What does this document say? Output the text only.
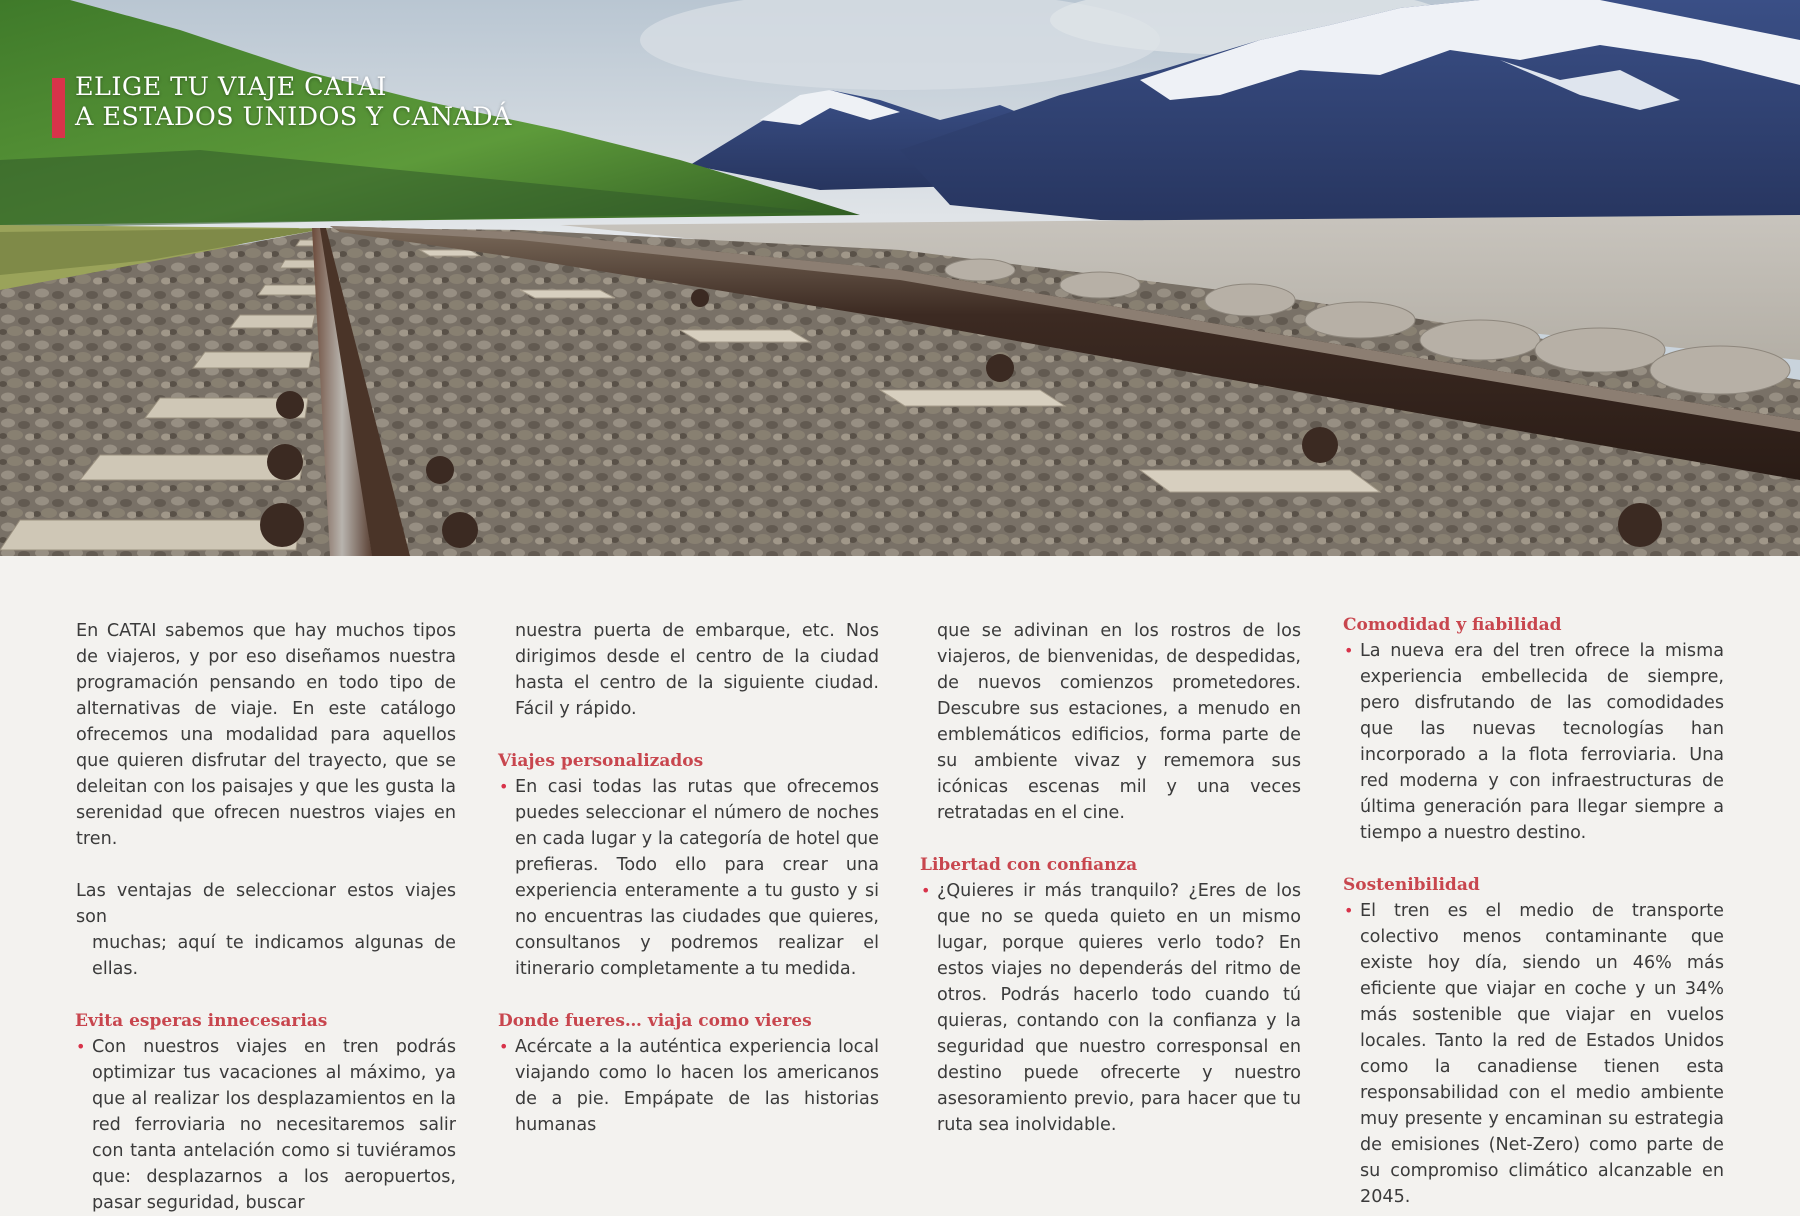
ELIGE TU VIAJE CATAI
A ESTADOS UNIDOS Y CANADÁ

En CATAI sabemos que hay muchos tipos de viajeros, y por eso diseñamos nuestra programación pensando en todo tipo de alternativas de viaje. En este catálogo ofrecemos una modalidad para aquellos que quieren disfrutar del trayecto, que se deleitan con los paisajes y que les gusta la serenidad que ofrecen nuestros viajes en tren.

Las ventajas de seleccionar estos viajes son

muchas; aquí te indicamos algunas de ellas.

Evita esperas innecesarias
• Con nuestros viajes en tren podrás optimizar tus vacaciones al máximo, ya que al realizar los desplazamientos en la red ferroviaria no necesitaremos salir con tanta antelación como si tuviéramos que: desplazarnos a los aeropuertos, pasar seguridad, buscar

nuestra puerta de embarque, etc. Nos dirigimos desde el centro de la ciudad hasta el centro de la siguiente ciudad. Fácil y rápido.

Viajes personalizados
• En casi todas las rutas que ofrecemos puedes seleccionar el número de noches en cada lugar y la categoría de hotel que prefieras. Todo ello para crear una experiencia enteramente a tu gusto y si no encuentras las ciudades que quieres, consultanos y podremos realizar el itinerario completamente a tu medida.
Donde fueres… viaja como vieres
• Acércate a la auténtica experiencia local viajando como lo hacen los americanos de a pie. Empápate de las historias humanas

que se adivinan en los rostros de los viajeros, de bienvenidas, de despedidas, de nuevos comienzos prometedores. Descubre sus estaciones, a menudo en emblemáticos edificios, forma parte de su ambiente vivaz y rememora sus icónicas escenas mil y una veces retratadas en el cine.

Libertad con confianza
• ¿Quieres ir más tranquilo? ¿Eres de los que no se queda quieto en un mismo lugar, porque quieres verlo todo? En estos viajes no dependerás del ritmo de otros. Podrás hacerlo todo cuando tú quieras, contando con la confianza y la seguridad que nuestro corresponsal en destino puede ofrecerte y nuestro asesoramiento previo, para hacer que tu ruta sea inolvidable.
Comodidad y fiabilidad
• La nueva era del tren ofrece la misma experiencia embellecida de siempre, pero disfrutando de las comodidades que las nuevas tecnologías han incorporado a la flota ferroviaria. Una red moderna y con infraestructuras de última generación para llegar siempre a tiempo a nuestro destino.
Sostenibilidad
• El tren es el medio de transporte colectivo menos contaminante que existe hoy día, siendo un 46% más eficiente que viajar en coche y un 34% más sostenible que viajar en vuelos locales. Tanto la red de Estados Unidos como la canadiense tienen esta responsabilidad con el medio ambiente muy presente y encaminan su estrategia de emisiones (Net-Zero) como parte de su compromiso climático alcanzable en 2045.
